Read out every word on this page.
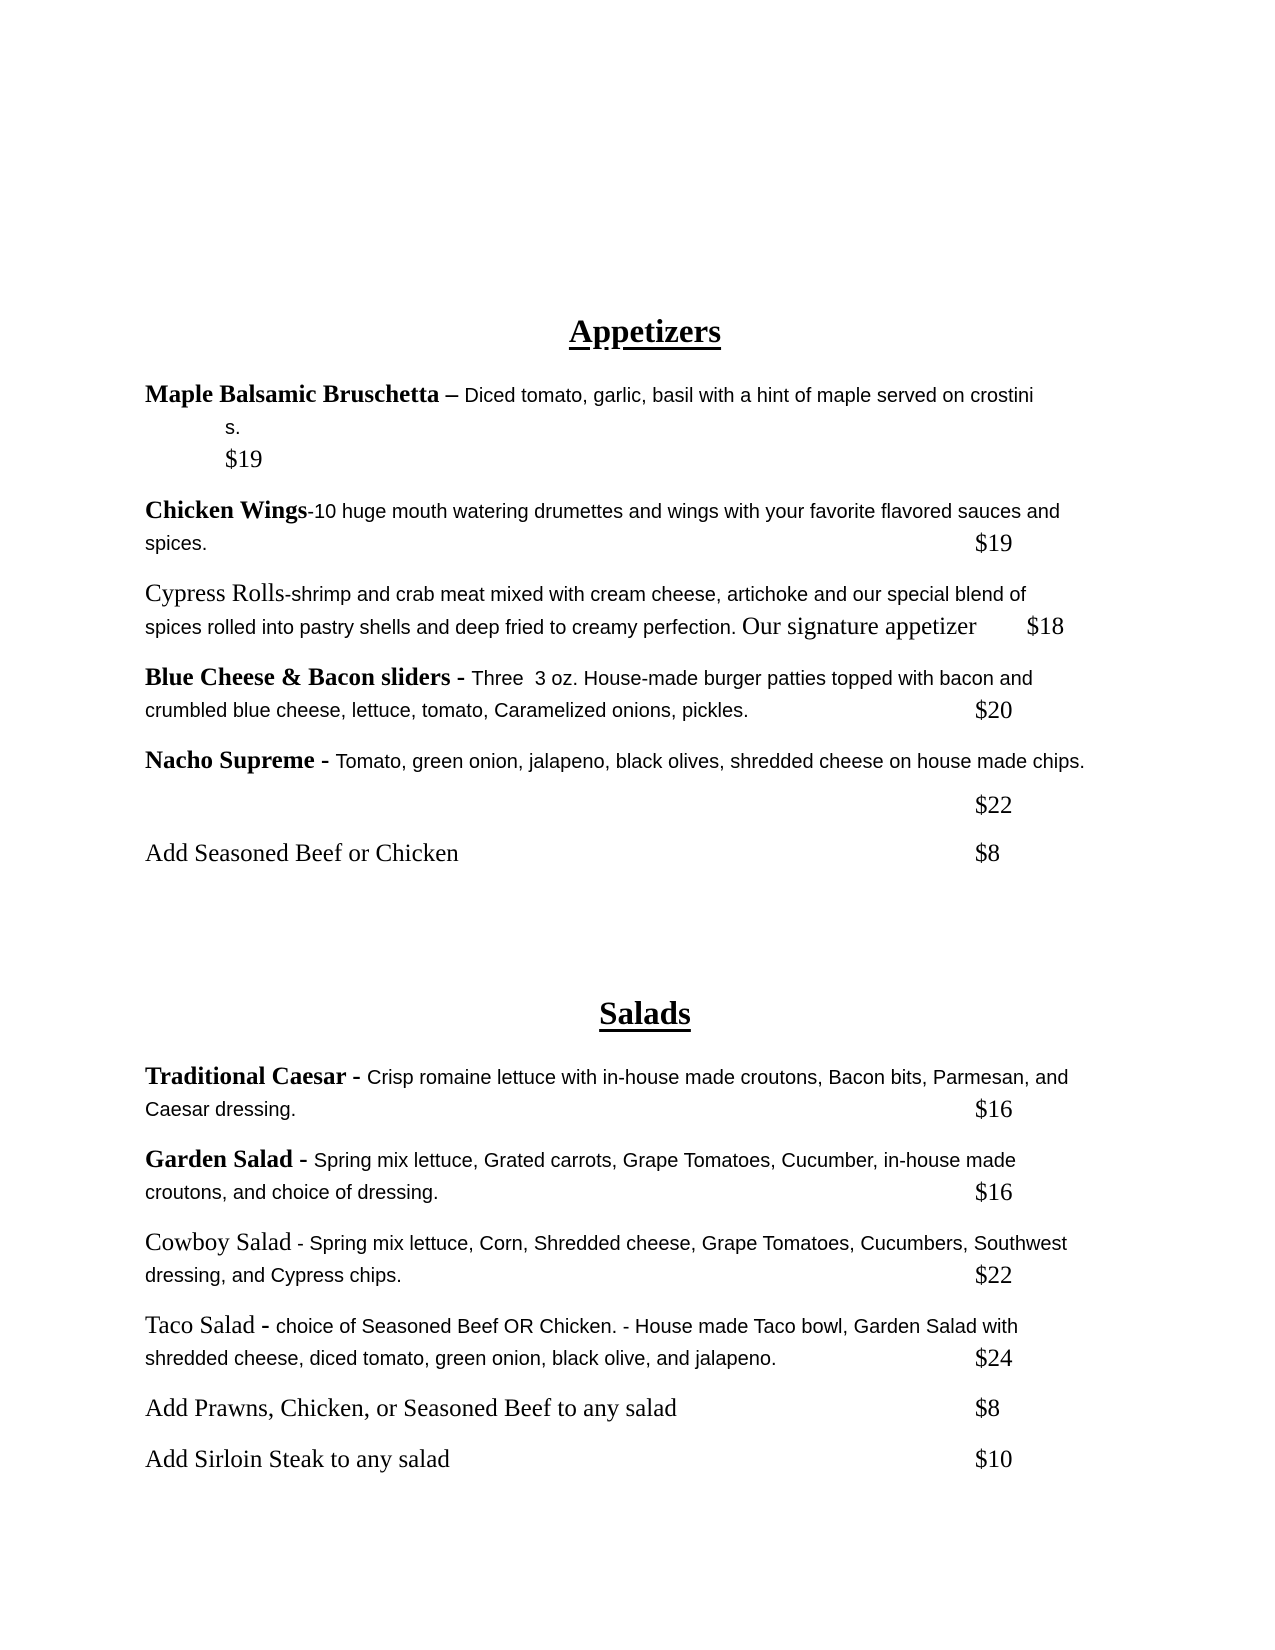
Appetizers
Maple Balsamic Bruschetta – Diced tomato, garlic, basil with a hint of maple served on crostini
s.
$19
Chicken Wings-10 huge mouth watering drumettes and wings with your favorite flavored sauces and
spices.	$19
Cypress Rolls-shrimp and crab meat mixed with cream cheese, artichoke and our special blend of
spices rolled into pastry shells and deep fried to creamy perfection. Our signature appetizer $18
Blue Cheese & Bacon sliders - Three  3 oz. House-made burger patties topped with bacon and
crumbled blue cheese, lettuce, tomato, Caramelized onions, pickles.	$20
Nacho Supreme - Tomato, green onion, jalapeno, black olives, shredded cheese on house made chips.
$22
Add Seasoned Beef or Chicken	$8
Salads
Traditional Caesar - Crisp romaine lettuce with in-house made croutons, Bacon bits, Parmesan, and
Caesar dressing.	$16
Garden Salad - Spring mix lettuce, Grated carrots, Grape Tomatoes, Cucumber, in-house made
croutons, and choice of dressing.	$16
Cowboy Salad - Spring mix lettuce, Corn, Shredded cheese, Grape Tomatoes, Cucumbers, Southwest
dressing, and Cypress chips.	$22
Taco Salad - choice of Seasoned Beef OR Chicken. - House made Taco bowl, Garden Salad with
shredded cheese, diced tomato, green onion, black olive, and jalapeno.	$24
Add Prawns, Chicken, or Seasoned Beef to any salad	$8
Add Sirloin Steak to any salad	$10
